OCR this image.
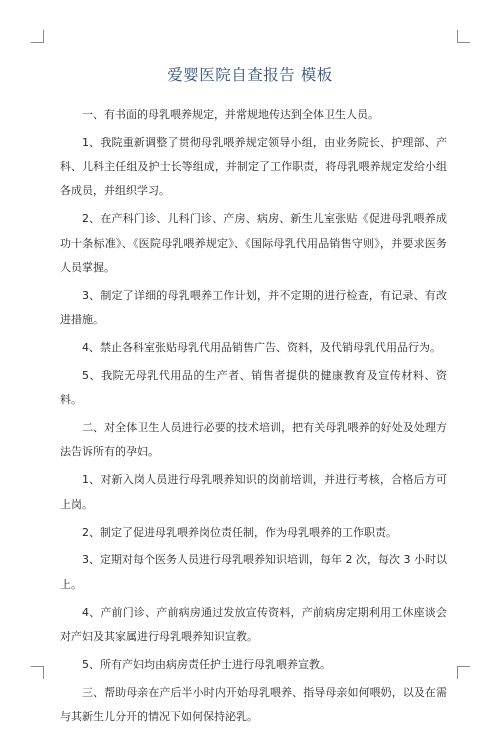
爱婴医院自查报告 模板

一、有书面的母乳喂养规定，并常规地传达到全体卫生人员。

1、我院重新调整了贯彻母乳喂养规定领导小组，由业务院长、护理部、产科、儿科主任组及护士长等组成，并制定了工作职责，将母乳喂养规定发给小组各成员，并组织学习。

2、在产科门诊、儿科门诊、产房、病房、新生儿室张贴《促进母乳喂养成功十条标准》、《医院母乳喂养规定》、《国际母乳代用品销售守则》，并要求医务人员掌握。

3、制定了详细的母乳喂养工作计划，并不定期的进行检查，有记录、有改进措施。

4、禁止各科室张贴母乳代用品销售广告、资料，及代销母乳代用品行为。

5、我院无母乳代用品的生产者、销售者提供的健康教育及宣传材料、资料。

二、对全体卫生人员进行必要的技术培训，把有关母乳喂养的好处及处理方法告诉所有的孕妇。

1、对新入岗人员进行母乳喂养知识的岗前培训，并进行考核，合格后方可上岗。

2、制定了促进母乳喂养岗位责任制，作为母乳喂养的工作职责。

3、定期对每个医务人员进行母乳喂养知识培训，每年 2 次，每次 3 小时以上。

4、产前门诊、产前病房通过发放宣传资料，产前病房定期利用工休座谈会对产妇及其家属进行母乳喂养知识宣教。

5、所有产妇均由病房责任护士进行母乳喂养宣教。

三、帮助母亲在产后半小时内开始母乳喂养、指导母亲如何喂奶，以及在需与其新生儿分开的情况下如何保持泌乳。
